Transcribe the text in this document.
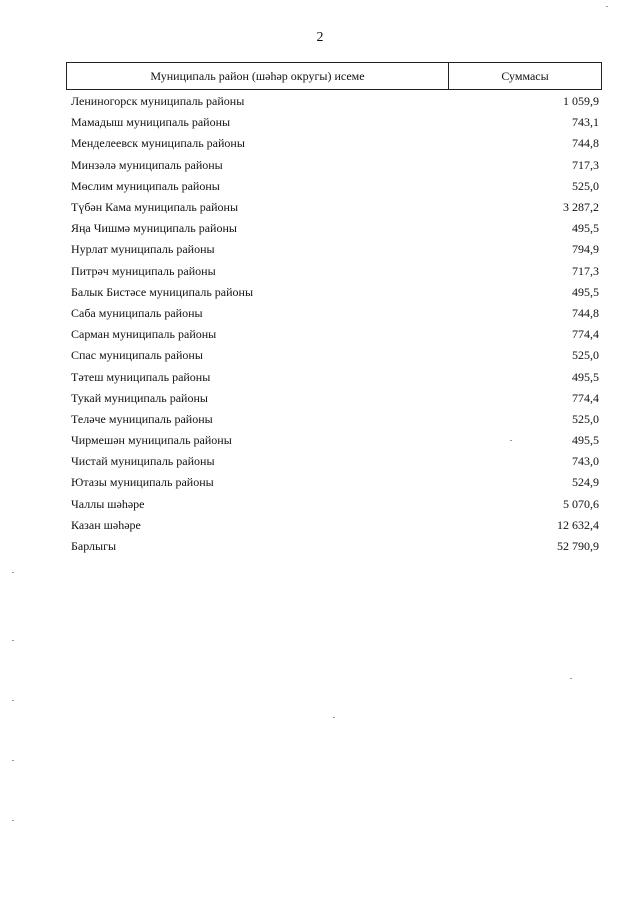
2
Муниципаль район (шәһәр округы) исеме	Суммасы
Лениногорск муниципаль районы	1 059,9
Мамадыш муниципаль районы	743,1
Менделеевск муниципаль районы	744,8
Минзәлә муниципаль районы	717,3
Мөслим муниципаль районы	525,0
Түбән Кама муниципаль районы	3 287,2
Яңа Чишмә муниципаль районы	495,5
Нурлат муниципаль районы	794,9
Питрәч муниципаль районы	717,3
Балык Бистәсе муниципаль районы	495,5
Саба муниципаль районы	744,8
Сарман муниципаль районы	774,4
Спас муниципаль районы	525,0
Тәтеш муниципаль районы	495,5
Тукай муниципаль районы	774,4
Теләче муниципаль районы	525,0
Чирмешән муниципаль районы	495,5
Чистай муниципаль районы	743,0
Ютазы муниципаль районы	524,9
Чаллы шәһәре	5 070,6
Казан шәһәре	12 632,4
Барлыгы	52 790,9
